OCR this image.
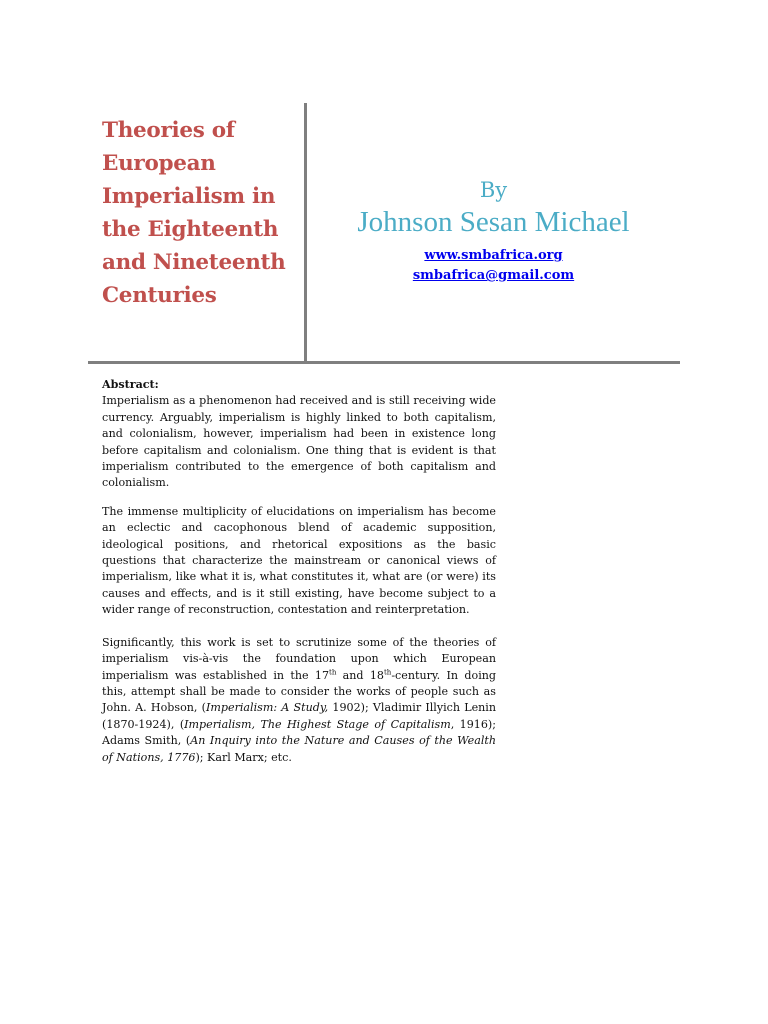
Theories of
European
Imperialism in
the Eighteenth
and Nineteenth
Centuries
By
Johnson Sesan Michael
www.smbafrica.org
smbafrica@gmail.com

Abstract:

Imperialism as a phenomenon had received and is still receiving wide currency. Arguably, imperialism is highly linked to both capitalism, and colonialism, however, imperialism had been in existence long before capitalism and colonialism. One thing that is evident is that imperialism contributed to the emergence of both capitalism and colonialism.

The immense multiplicity of elucidations on imperialism has become an eclectic and cacophonous blend of academic supposition, ideological positions, and rhetorical expositions as the basic questions that characterize the mainstream or canonical views of imperialism, like what it is, what constitutes it, what are (or were) its causes and effects, and is it still existing, have become subject to a wider range of reconstruction, contestation and reinterpretation.

Significantly, this work is set to scrutinize some of the theories of imperialism vis-à-vis the foundation upon which European imperialism was established in the 17th and 18th-century. In doing this, attempt shall be made to consider the works of people such as John. A. Hobson, (Imperialism: A Study, 1902); Vladimir Illyich Lenin (1870-1924), (Imperialism, The Highest Stage of Capitalism, 1916); Adams Smith, (An Inquiry into the Nature and Causes of the Wealth of Nations, 1776); Karl Marx; etc.
